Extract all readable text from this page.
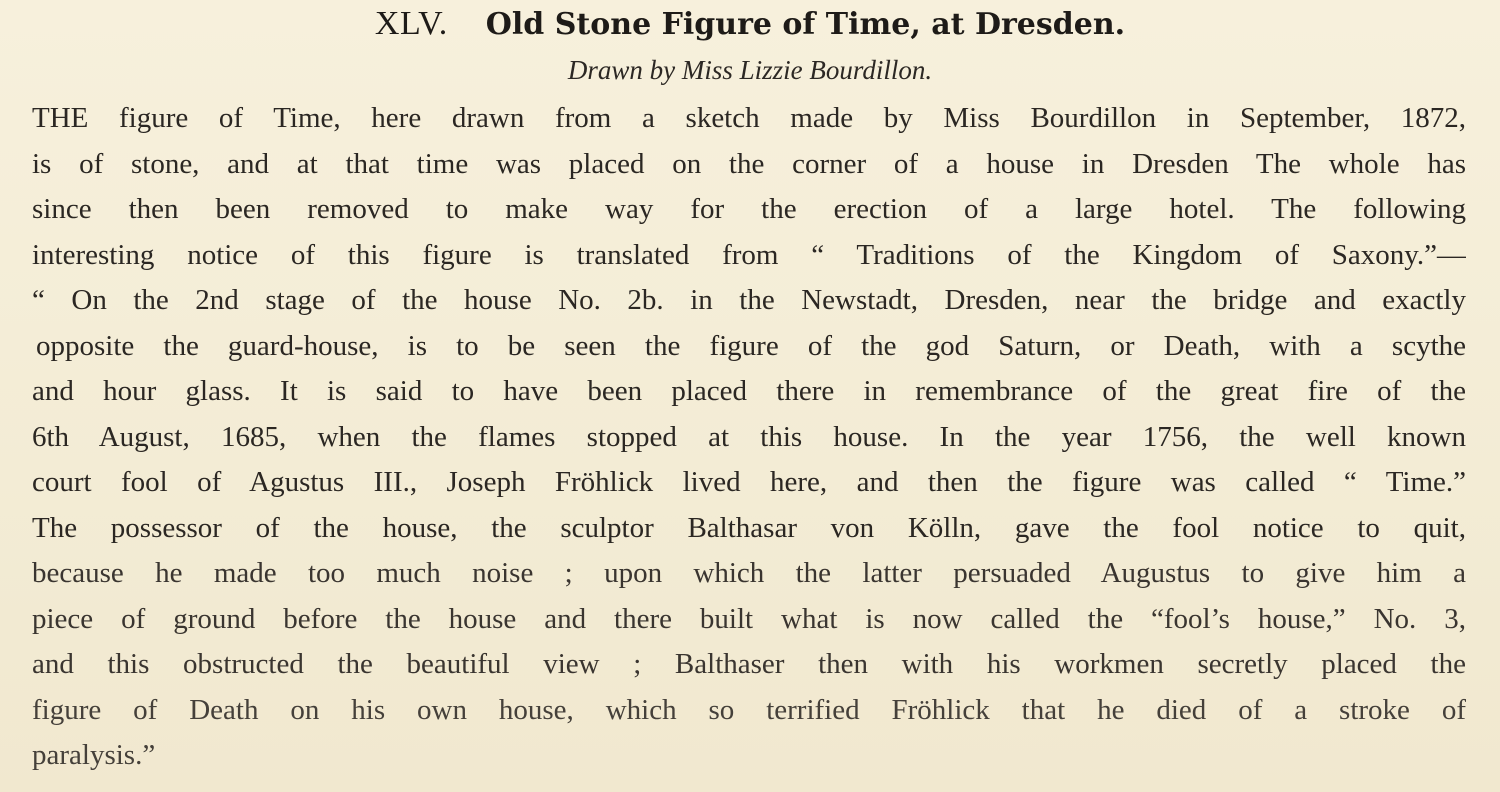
XLV. Old Stone Figure of Time, at Dresden.
Drawn by Miss Lizzie Bourdillon.
THE figure of Time, here drawn from a sketch made by Miss Bourdillon in September, 1872,
is of stone, and at that time was placed on the corner of a house in Dresden The whole has
since then been removed to make way for the erection of a large hotel. The following
interesting notice of this figure is translated from “ Traditions of the Kingdom of Saxony.”—
“ On the 2nd stage of the house No. 2b. in the Newstadt, Dresden, near the bridge and exactly
opposite the guard-house, is to be seen the figure of the god Saturn, or Death, with a scythe
and hour glass. It is said to have been placed there in remembrance of the great fire of the
6th August, 1685, when the flames stopped at this house. In the year 1756, the well known
court fool of Agustus III., Joseph Fröhlick lived here, and then the figure was called “ Time.”
The possessor of the house, the sculptor Balthasar von Kölln, gave the fool notice to quit,
because he made too much noise ; upon which the latter persuaded Augustus to give him a
piece of ground before the house and there built what is now called the “fool’s house,” No. 3,
and this obstructed the beautiful view ; Balthaser then with his workmen secretly placed the
figure of Death on his own house, which so terrified Fröhlick that he died of a stroke of
paralysis.”
